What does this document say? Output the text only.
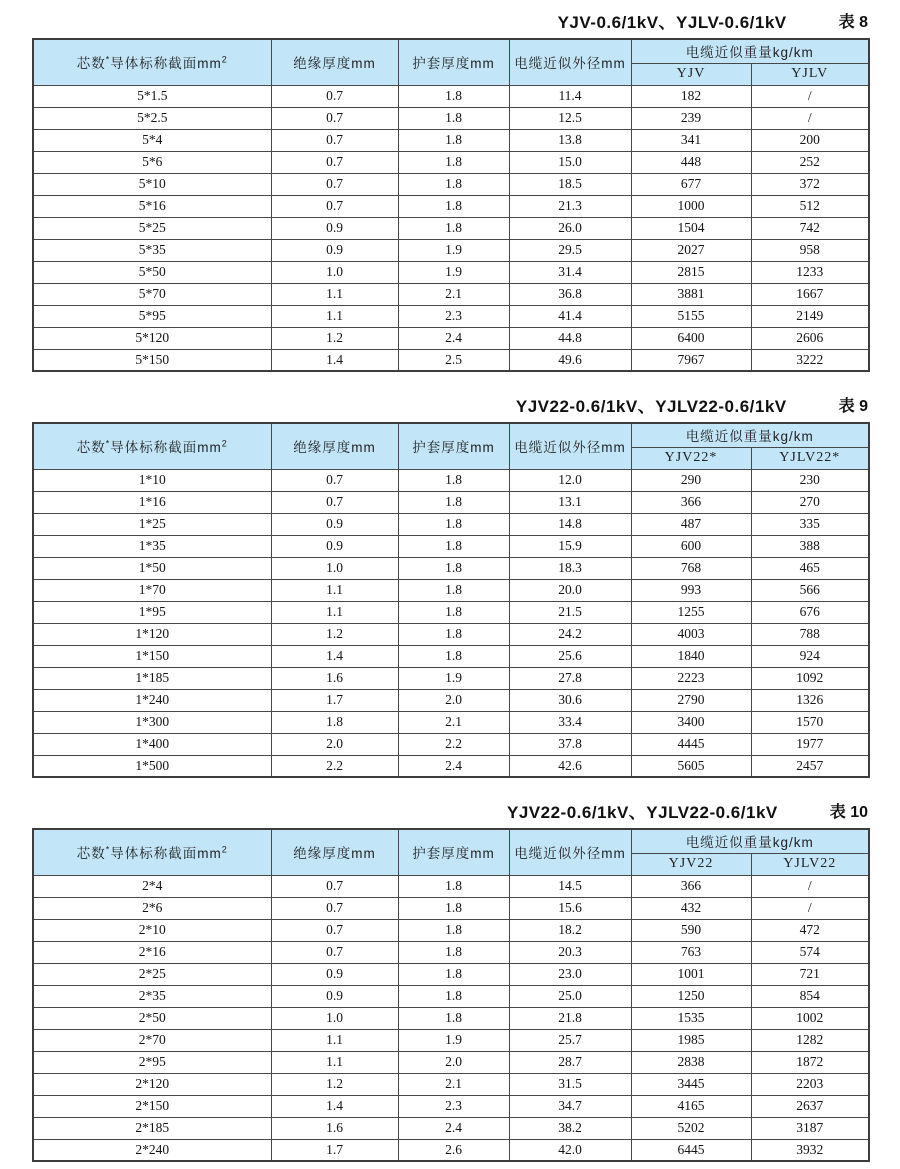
YJV-0.6/1kV、YJLV-0.6/1kV	表 8
芯数*导体标称截面$mm^2$	绝缘厚度mm	护套厚度mm	电缆近似外径mm	电缆近似重量kg/km	
				YJV	YJLV
5*1.5	0.7	1.8	11.4	182	/
5*2.5	0.7	1.8	12.5	239	/
5*4	0.7	1.8	13.8	341	200
5*6	0.7	1.8	15.0	448	252
5*10	0.7	1.8	18.5	677	372
5*16	0.7	1.8	21.3	1000	512
5*25	0.9	1.8	26.0	1504	742
5*35	0.9	1.9	29.5	2027	958
5*50	1.0	1.9	31.4	2815	1233
5*70	1.1	2.1	36.8	3881	1667
5*95	1.1	2.3	41.4	5155	2149
5*120	1.2	2.4	44.8	6400	2606
5*150	1.4	2.5	49.6	7967	3222
YJV22-0.6/1kV、YJLV22-0.6/1kV	表 9
芯数*导体标称截面$mm^2$	绝缘厚度mm	护套厚度mm	电缆近似外径mm	电缆近似重量kg/km	
				YJV22*	YJLV22*
1*10	0.7	1.8	12.0	290	230
1*16	0.7	1.8	13.1	366	270
1*25	0.9	1.8	14.8	487	335
1*35	0.9	1.8	15.9	600	388
1*50	1.0	1.8	18.3	768	465
1*70	1.1	1.8	20.0	993	566
1*95	1.1	1.8	21.5	1255	676
1*120	1.2	1.8	24.2	4003	788
1*150	1.4	1.8	25.6	1840	924
1*185	1.6	1.9	27.8	2223	1092
1*240	1.7	2.0	30.6	2790	1326
1*300	1.8	2.1	33.4	3400	1570
1*400	2.0	2.2	37.8	4445	1977
1*500	2.2	2.4	42.6	5605	2457
YJV22-0.6/1kV、YJLV22-0.6/1kV	表 10
芯数*导体标称截面$mm^2$	绝缘厚度mm	护套厚度mm	电缆近似外径mm	电缆近似重量kg/km	
				YJV22	YJLV22
2*4	0.7	1.8	14.5	366	/
2*6	0.7	1.8	15.6	432	/
2*10	0.7	1.8	18.2	590	472
2*16	0.7	1.8	20.3	763	574
2*25	0.9	1.8	23.0	1001	721
2*35	0.9	1.8	25.0	1250	854
2*50	1.0	1.8	21.8	1535	1002
2*70	1.1	1.9	25.7	1985	1282
2*95	1.1	2.0	28.7	2838	1872
2*120	1.2	2.1	31.5	3445	2203
2*150	1.4	2.3	34.7	4165	2637
2*185	1.6	2.4	38.2	5202	3187
2*240	1.7	2.6	42.0	6445	3932
